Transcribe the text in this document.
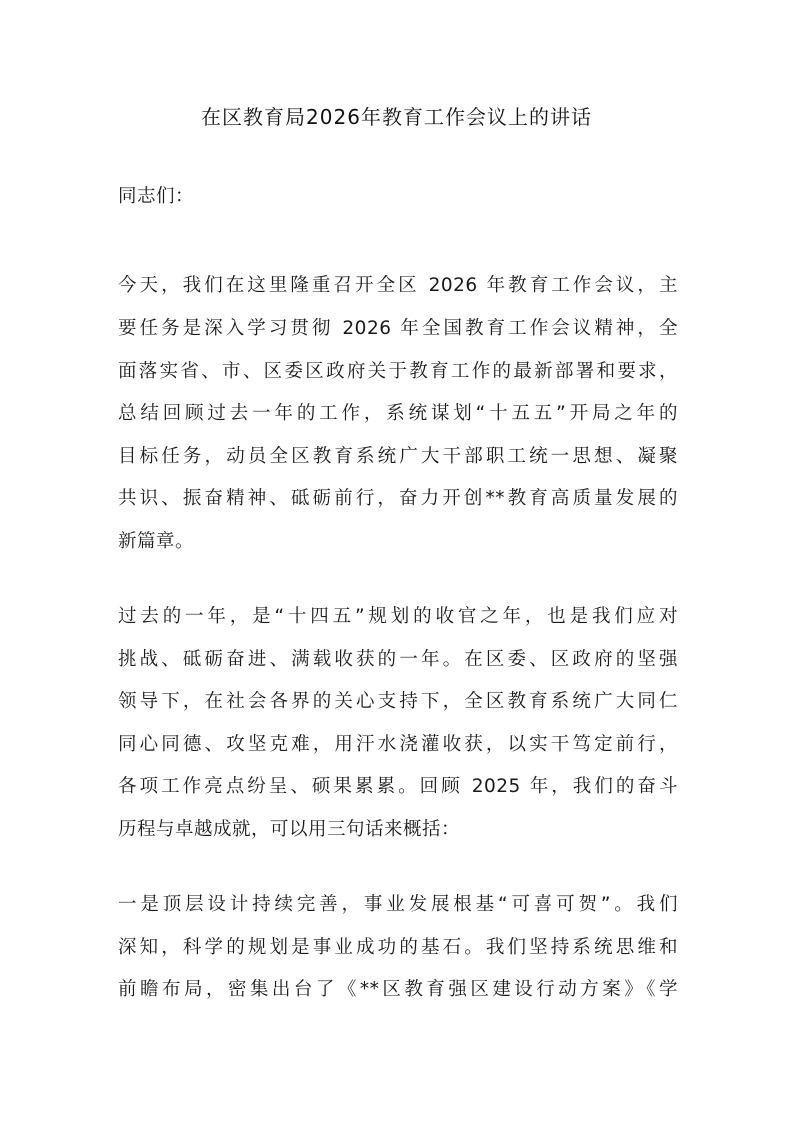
在区教育局2026年教育工作会议上的讲话
同志们：
今天，我们在这里隆重召开全区 2026 年教育工作会议，主
要任务是深入学习贯彻 2026 年全国教育工作会议精神，全
面落实省、市、区委区政府关于教育工作的最新部署和要求，
总结回顾过去一年的工作，系统谋划“十五五”开局之年的
目标任务，动员全区教育系统广大干部职工统一思想、凝聚
共识、振奋精神、砥砺前行，奋力开创**教育高质量发展的
新篇章。
过去的一年，是“十四五”规划的收官之年，也是我们应对
挑战、砥砺奋进、满载收获的一年。在区委、区政府的坚强
领导下，在社会各界的关心支持下，全区教育系统广大同仁
同心同德、攻坚克难，用汗水浇灌收获，以实干笃定前行，
各项工作亮点纷呈、硕果累累。回顾 2025 年，我们的奋斗
历程与卓越成就，可以用三句话来概括：
一是顶层设计持续完善，事业发展根基“可喜可贺”。我们
深知，科学的规划是事业成功的基石。我们坚持系统思维和
前瞻布局，密集出台了《**区教育强区建设行动方案》《学
